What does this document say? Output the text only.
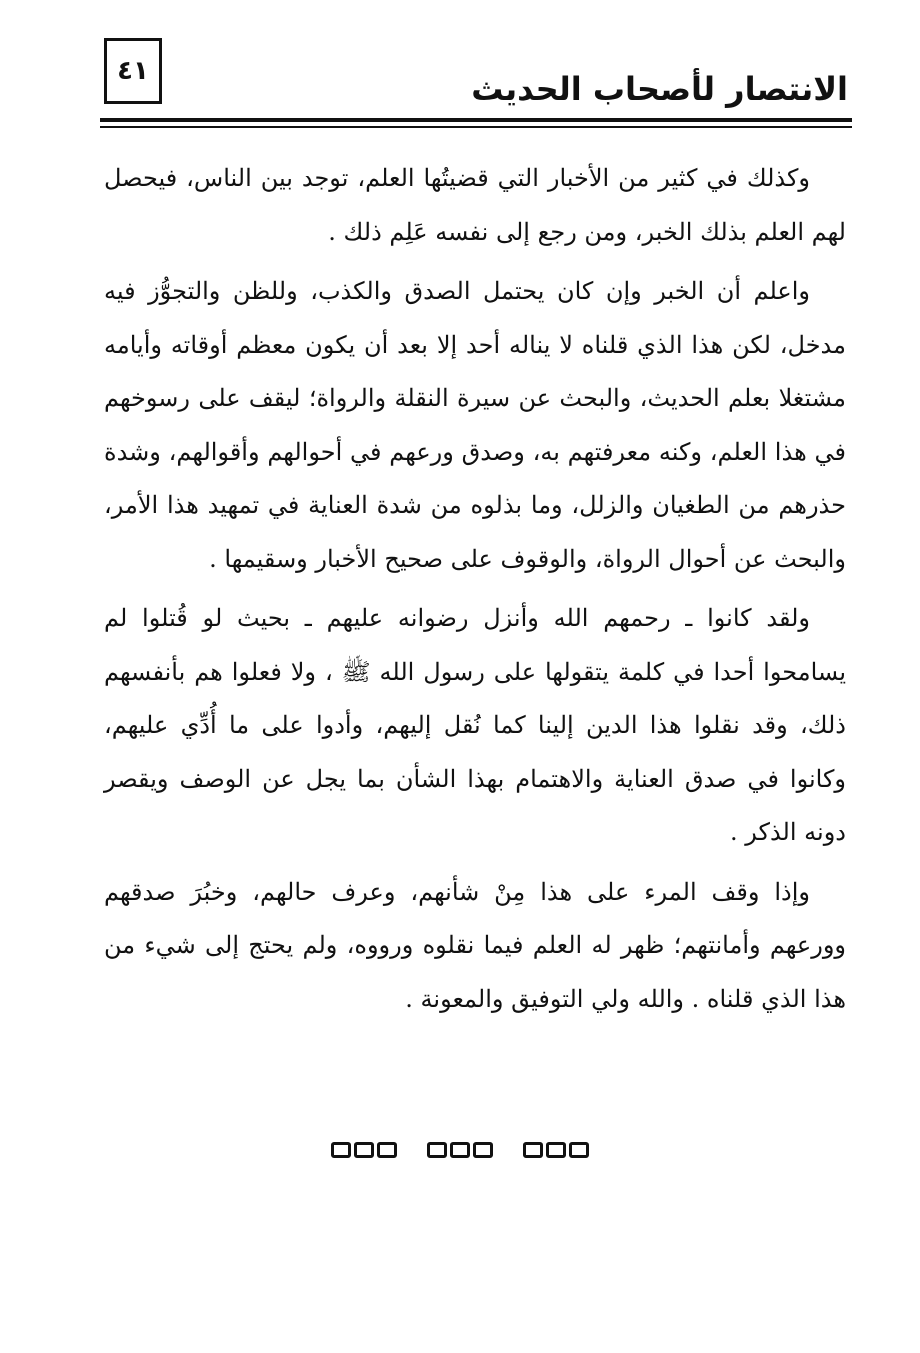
٤١	الانتصار لأصحاب الحديث

وكذلك في كثير من الأخبار التي قضيتُها العلم، توجد بين الناس، فيحصل لهم العلم بذلك الخبر، ومن رجع إلى نفسه عَلِم ذلك .

واعلم أن الخبر وإن كان يحتمل الصدق والكذب، وللظن والتجوُّز فيه مدخل، لكن هذا الذي قلناه لا يناله أحد إلا بعد أن يكون معظم أوقاته وأيامه مشتغلا بعلم الحديث، والبحث عن سيرة النقلة والرواة؛ ليقف على رسوخهم في هذا العلم، وكنه معرفتهم به، وصدق ورعهم في أحوالهم وأقوالهم، وشدة حذرهم من الطغيان والزلل، وما بذلوه من شدة العناية في تمهيد هذا الأمر، والبحث عن أحوال الرواة، والوقوف على صحيح الأخبار وسقيمها .

ولقد كانوا ـ رحمهم الله وأنزل رضوانه عليهم ـ بحيث لو قُتلوا لم يسامحوا أحدا في كلمة يتقولها على رسول الله ﷺ ، ولا فعلوا هم بأنفسهم ذلك، وقد نقلوا هذا الدين إلينا كما نُقل إليهم، وأدوا على ما أُدِّي عليهم، وكانوا في صدق العناية والاهتمام بهذا الشأن بما يجل عن الوصف ويقصر دونه الذكر .

وإذا وقف المرء على هذا مِنْ شأنهم، وعرف حالهم، وخبُرَ صدقهم وورعهم وأمانتهم؛ ظهر له العلم فيما نقلوه ورووه، ولم يحتج إلى شيء من هذا الذي قلناه . والله ولي التوفيق والمعونة .
